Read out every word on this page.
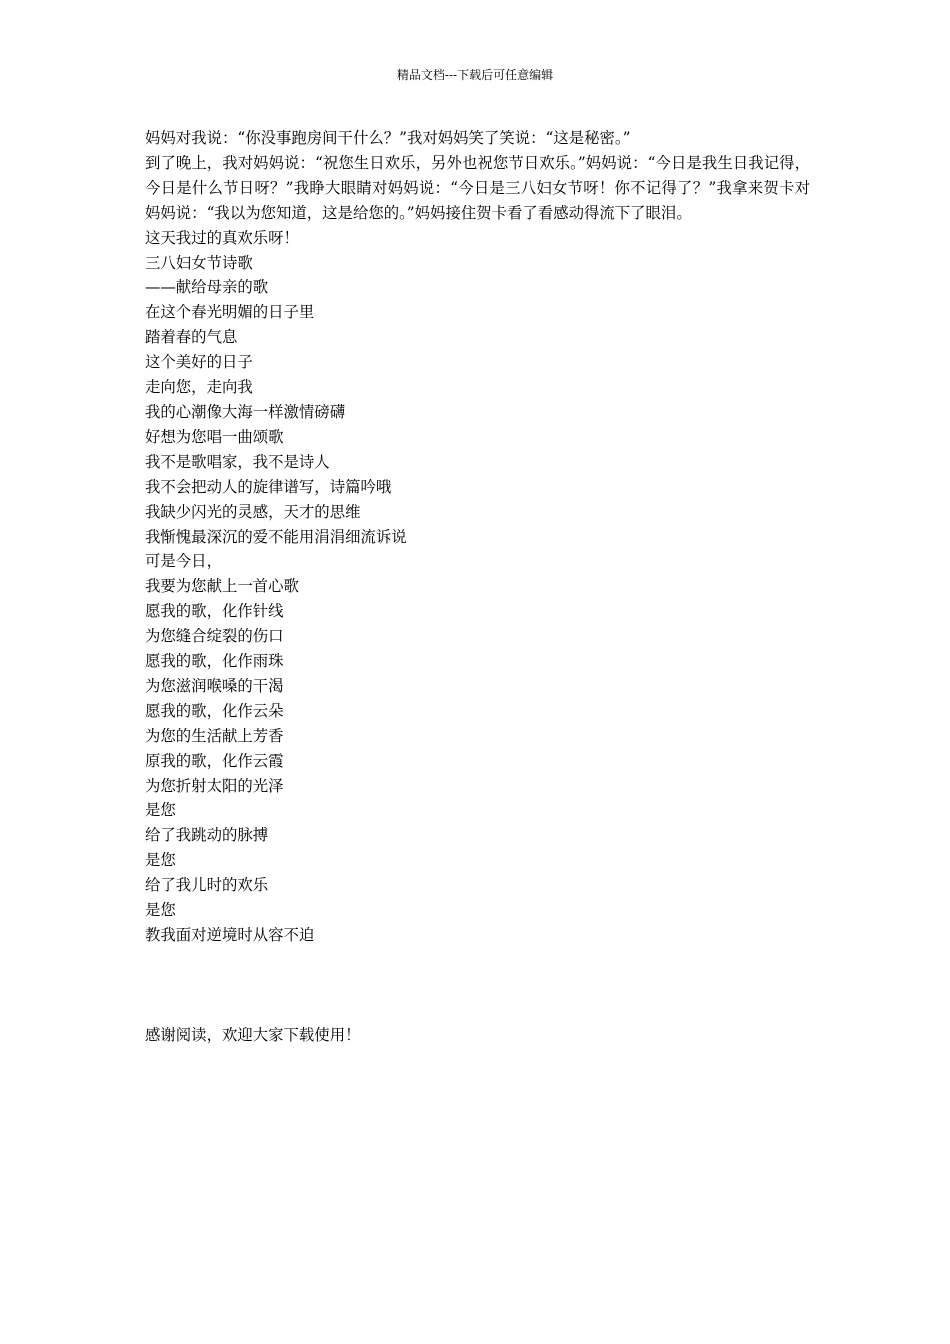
精品文档---下载后可任意编辑

妈妈对我说：“你没事跑房间干什么？”我对妈妈笑了笑说：“这是秘密。”

到了晚上，我对妈妈说：“祝您生日欢乐，另外也祝您节日欢乐。”妈妈说：“今日是我生日我记得，今日是什么节日呀？”我睁大眼睛对妈妈说：“今日是三八妇女节呀！你不记得了？”我拿来贺卡对妈妈说：“我以为您知道，这是给您的。”妈妈接住贺卡看了看感动得流下了眼泪。

这天我过的真欢乐呀！

三八妇女节诗歌

——献给母亲的歌

在这个春光明媚的日子里

踏着春的气息

这个美好的日子

走向您，走向我

我的心潮像大海一样激情磅礴

好想为您唱一曲颂歌

我不是歌唱家，我不是诗人

我不会把动人的旋律谱写，诗篇吟哦

我缺少闪光的灵感，天才的思维

我惭愧最深沉的爱不能用涓涓细流诉说

可是今日，

我要为您献上一首心歌

愿我的歌，化作针线

为您缝合绽裂的伤口

愿我的歌，化作雨珠

为您滋润喉嗓的干渴

愿我的歌，化作云朵

为您的生活献上芳香

原我的歌，化作云霞

为您折射太阳的光泽

是您

给了我跳动的脉搏

是您

给了我儿时的欢乐

是您

教我面对逆境时从容不迫

感谢阅读，欢迎大家下载使用！
